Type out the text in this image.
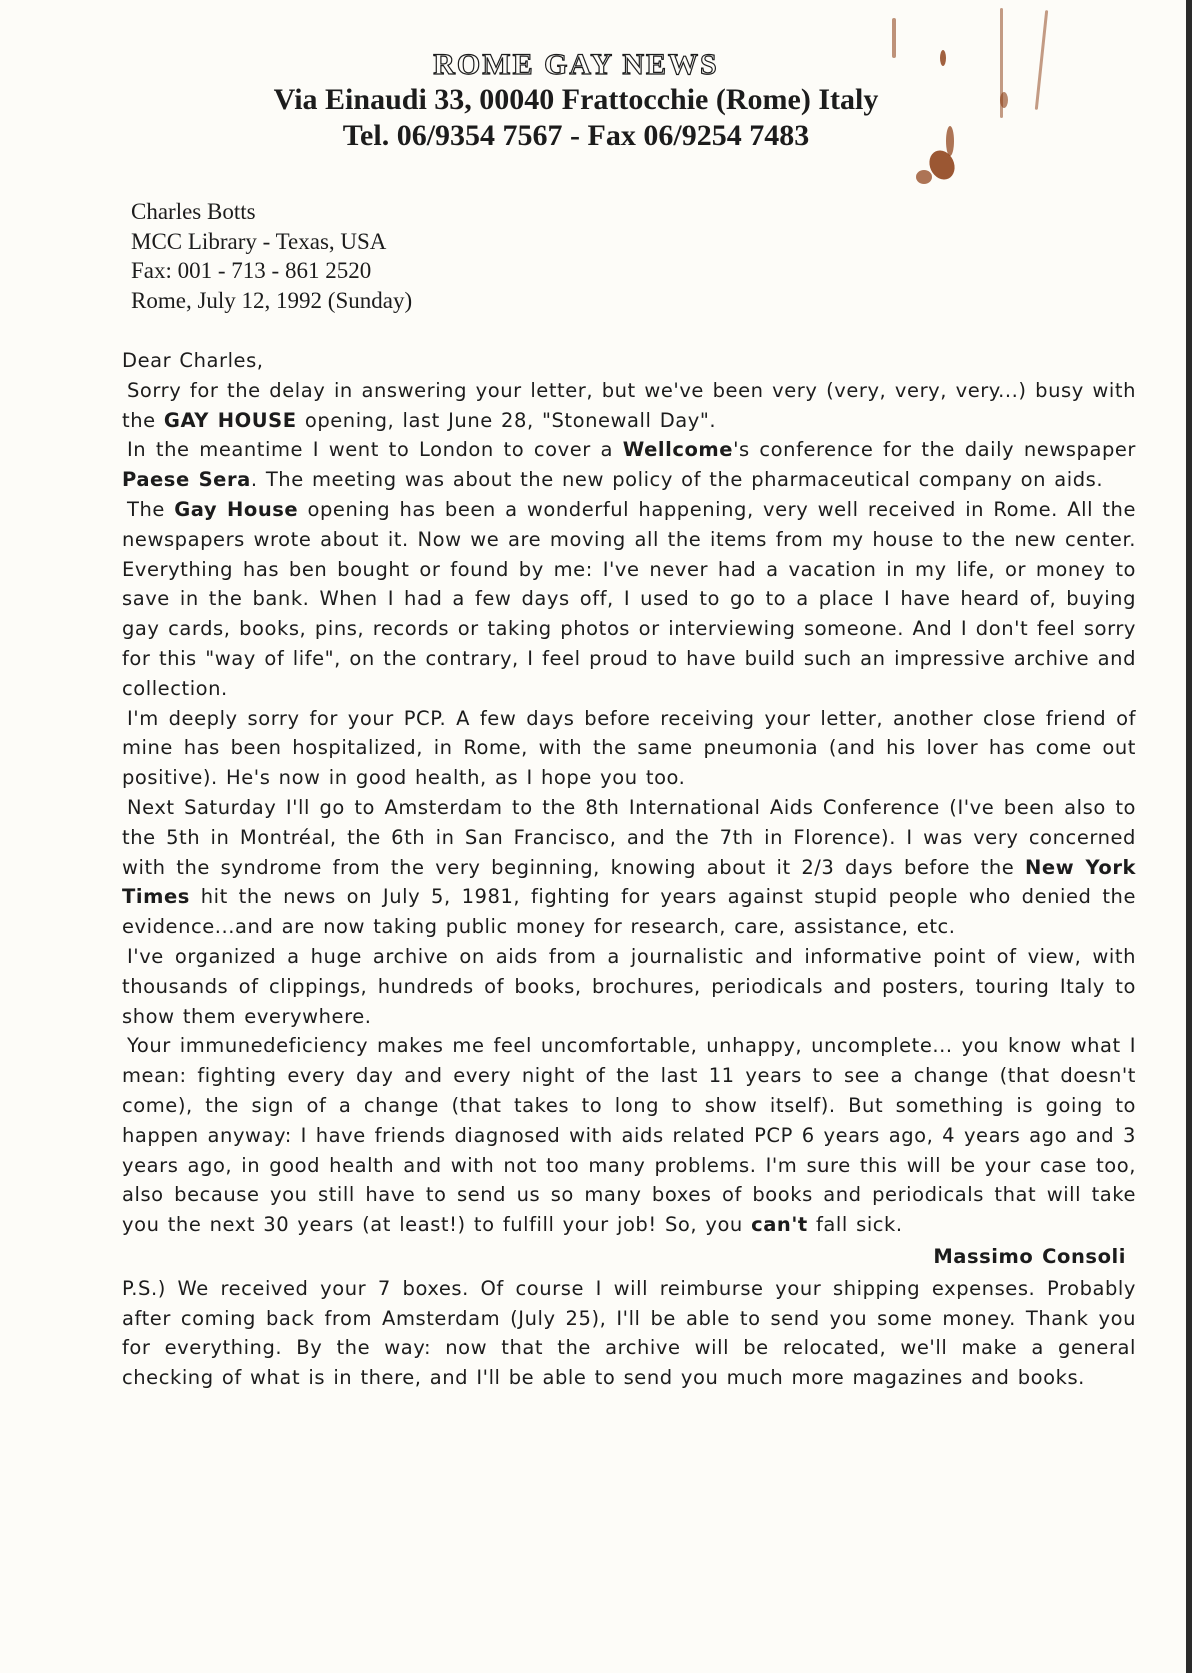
ROME GAY NEWS
Via Einaudi 33, 00040 Frattocchie (Rome) Italy
Tel. 06/9354 7567 - Fax 06/9254 7483
Charles Botts
MCC Library - Texas, USA
Fax: 001 - 713 - 861 2520
Rome, July 12, 1992 (Sunday)

Dear Charles,

Sorry for the delay in answering your letter, but we've been very (very, very, very...) busy with the GAY HOUSE opening, last June 28, "Stonewall Day".

In the meantime I went to London to cover a Wellcome's conference for the daily newspaper Paese Sera. The meeting was about the new policy of the pharmaceutical company on aids.

The Gay House opening has been a wonderful happening, very well received in Rome. All the newspapers wrote about it. Now we are moving all the items from my house to the new center. Everything has ben bought or found by me: I've never had a vacation in my life, or money to save in the bank. When I had a few days off, I used to go to a place I have heard of, buying gay cards, books, pins, records or taking photos or interviewing someone. And I don't feel sorry for this "way of life", on the contrary, I feel proud to have build such an impressive archive and collection.

I'm deeply sorry for your PCP. A few days before receiving your letter, another close friend of mine has been hospitalized, in Rome, with the same pneumonia (and his lover has come out positive). He's now in good health, as I hope you too.

Next Saturday I'll go to Amsterdam to the 8th International Aids Conference (I've been also to the 5th in Montréal, the 6th in San Francisco, and the 7th in Florence). I was very concerned with the syndrome from the very beginning, knowing about it 2/3 days before the New York Times hit the news on July 5, 1981, fighting for years against stupid people who denied the evidence...and are now taking public money for research, care, assistance, etc.

I've organized a huge archive on aids from a journalistic and informative point of view, with thousands of clippings, hundreds of books, brochures, periodicals and posters, touring Italy to show them everywhere.

Your immunedeficiency makes me feel uncomfortable, unhappy, uncomplete... you know what I mean: fighting every day and every night of the last 11 years to see a change (that doesn't come), the sign of a change (that takes to long to show itself). But something is going to happen anyway: I have friends diagnosed with aids related PCP 6 years ago, 4 years ago and 3 years ago, in good health and with not too many problems. I'm sure this will be your case too, also because you still have to send us so many boxes of books and periodicals that will take you the next 30 years (at least!) to fulfill your job! So, you can't fall sick.

Massimo Consoli

P.S.) We received your 7 boxes. Of course I will reimburse your shipping expenses. Probably after coming back from Amsterdam (July 25), I'll be able to send you some money. Thank you for everything. By the way: now that the archive will be relocated, we'll make a general checking of what is in there, and I'll be able to send you much more magazines and books.
